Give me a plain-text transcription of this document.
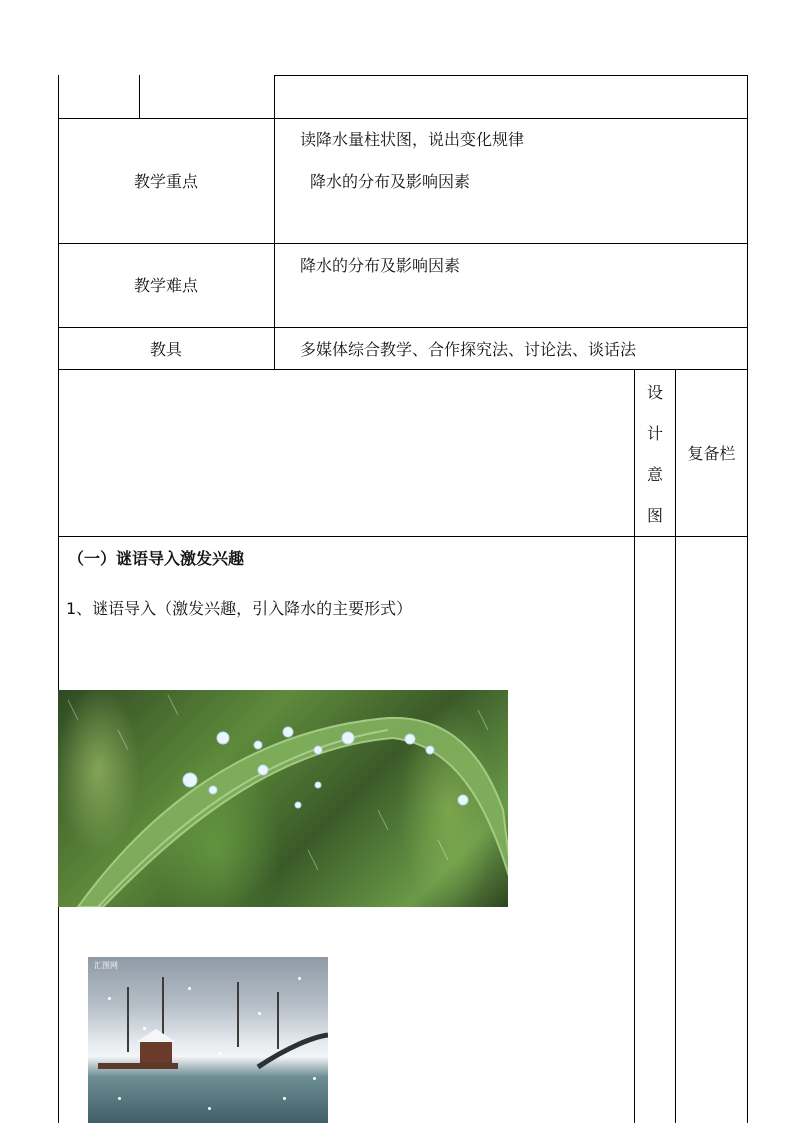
教学重点
读降水量柱状图，说出变化规律
降水的分布及影响因素
教学难点
降水的分布及影响因素
教具	多媒体综合教学、合作探究法、讨论法、谈话法
设
计
意
图
复备栏
（一）谜语导入激发兴趣
1、谜语导入（激发兴趣，引入降水的主要形式）
汇图网
